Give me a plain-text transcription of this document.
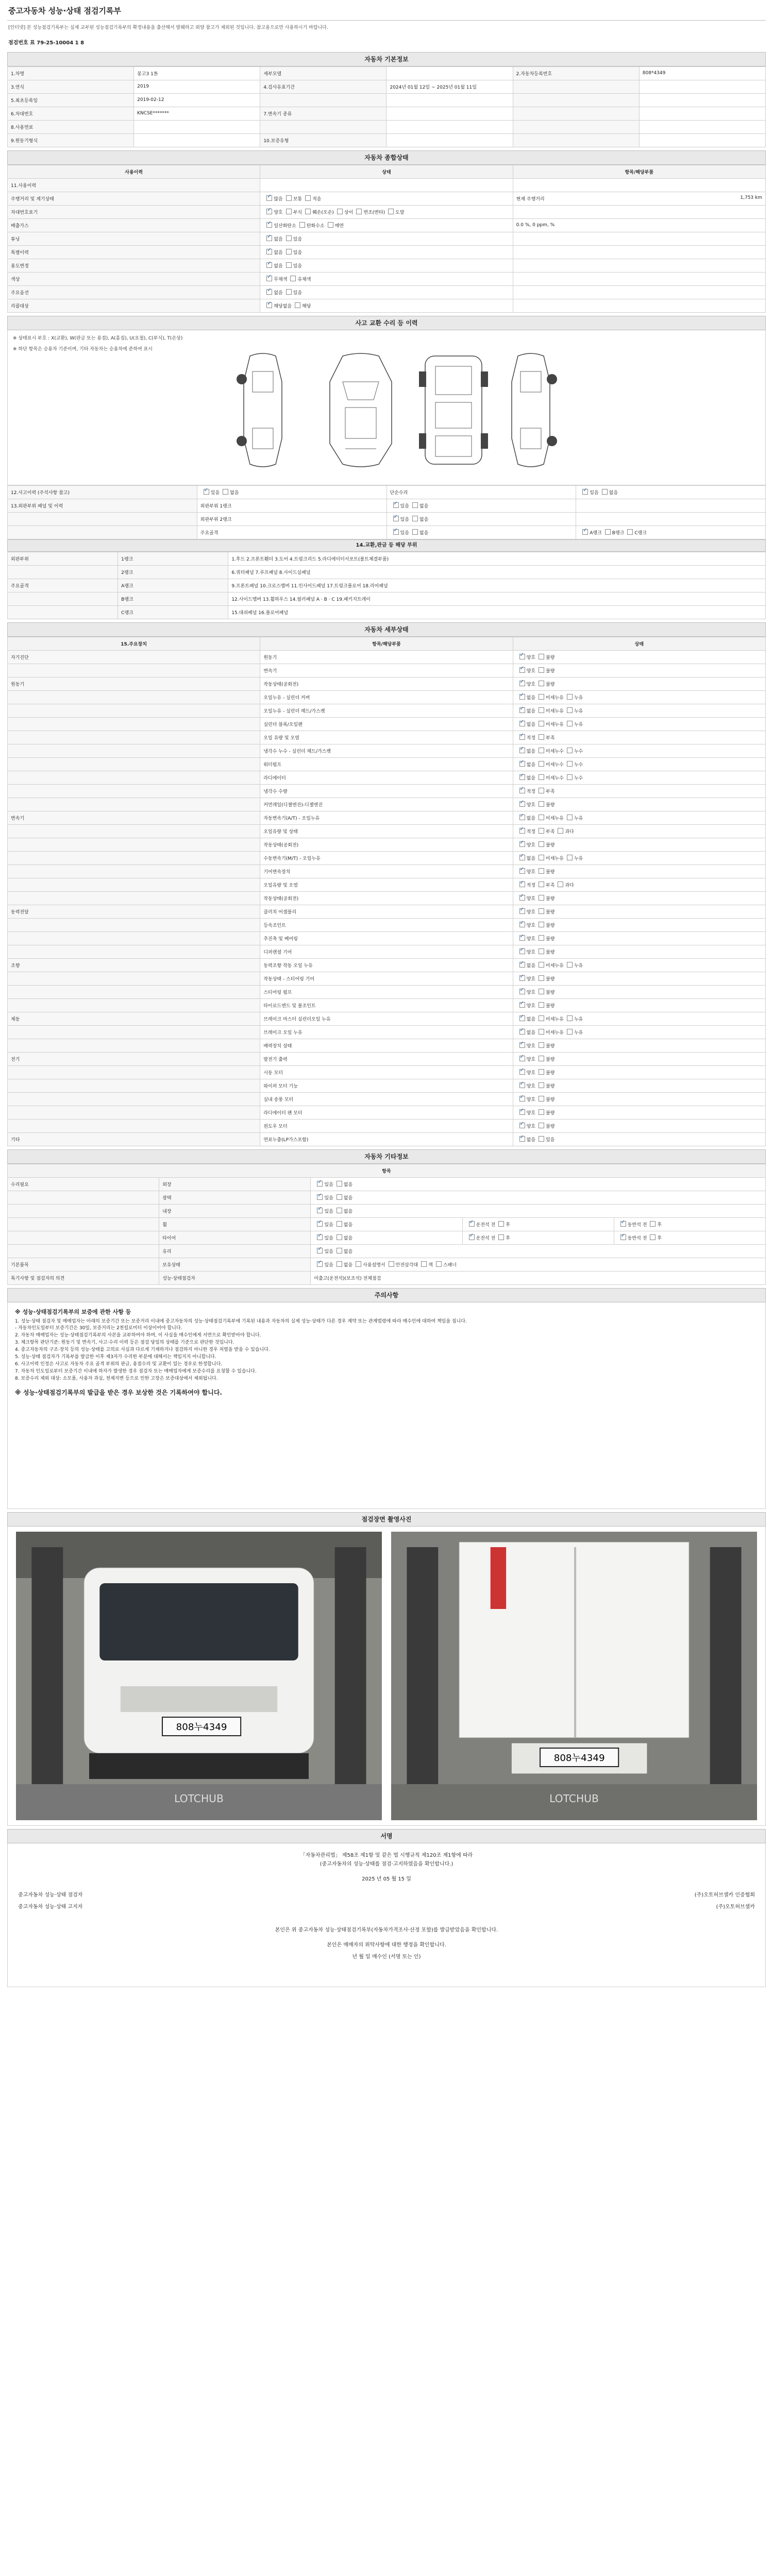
중고자동차 성능·상태 점검기록부
[인터넷] 본 성능점검기록부는 실제 교부된 성능점검기록부의 확정내용을 출산해서 발췌하고 외양 참고가 제외된 것입니다. 참고용으로만 사용하시기 바랍니다.
점검번호 표 79-25-10004 1 8
자동차 기본정보
1.차명	봉고3 1톤	세부모델		2.자동차등록번호	808*4349
3.연식	2019	4.검사유효기간	2024년 01월 12일 ~ 2025년 01월 11일		
5.최초등록일	2019-02-12				
6.차대번호	KNCSE*******	7.변속기 종류			
8.사용연료					
9.원동기형식		10.보증유형			
자동차 종합상태
사용이력	상태	항목/해당부품
11.사용이력		
주행거리 및 계기상태	✓많음 보통 적음	현재 주행거리 1,753 km

차대번호표기	✓양호 부식 훼손(오손) 상이 변조(변타) 도말	
배출가스	✓일산화탄소 탄화수소 매연	0.0 %, 0 ppm, %
튜닝	✓없음 있음	
특별이력	✓없음 있음	
용도변경	✓없음 있음	
색상	✓무채색 유채색	
주요옵션	✓없음 있음	
리콜대상	✓해당없음 해당	
사고 교환 수리 등 이력
※ 상태표시 부호 : X(교환), W(판금 또는 용접), A(흠집), U(요철), C(부식), T(손상)
※ 하단 항목은 승용차 기준이며, 기타 자동차는 승용차에 준하여 표시
12.사고이력 (주석사항 참고)	✓있음 없음	단순수리	✓있음 없음
13.외판부위 패널 및 이력	외판부위 1랭크	✓있음 없음	
	외판부위 2랭크	✓있음 없음	
	주요골격	✓있음 없음	✓A랭크 B랭크 C랭크
14.교환,판금 등 해당 부위
외판부위	1랭크	1.후드 2.프론트휀더 3.도어 4.트렁크리드 5.라디에이터서포트(볼트체결부품)
	2랭크	6.쿼터패널 7.루프패널 8.사이드실패널
주요골격	A랭크	9.프론트패널 10.크로스멤버 11.인사이드패널 17.트렁크플로어 18.리어패널
	B랭크	12.사이드멤버 13.휠하우스 14.필러패널 A · B · C 19.패키지트레이
	C랭크	15.대쉬패널 16.플로어패널
자동차 세부상태
15.주요장치	항목/해당부품	상태
자기진단	원동기	✓양호 불량
	변속기	✓양호 불량
원동기	작동상태(공회전)	✓양호 불량
	오일누유 - 실린더 커버	✓없음 미세누유 누유
	오일누유 - 실린더 헤드/가스켓	✓없음 미세누유 누유
	실린더 블록/오일팬	✓없음 미세누유 누유
	오일 유량 및 오염	✓적정 부족
	냉각수 누수 - 실린더 헤드/가스켓	✓없음 미세누수 누수
	워터펌프	✓없음 미세누수 누수
	라디에이터	✓없음 미세누수 누수
	냉각수 수량	✓적정 부족
	커먼레일(디젤엔진)-디젤엔진	✓양호 불량
변속기	자동변속기(A/T) - 오일누유	✓없음 미세누유 누유
	오일유량 및 상태	✓적정 부족 과다
	작동상태(공회전)	✓양호 불량
	수동변속기(M/T) - 오일누유	✓없음 미세누유 누유
	기어변속장치	✓양호 불량
	오일유량 및 오염	✓적정 부족 과다
	작동상태(공회전)	✓양호 불량
동력전달	클러치 어셈블리	✓양호 불량
	등속조인트	✓양호 불량
	추진축 및 베어링	✓양호 불량
	디퍼렌셜 기어	✓양호 불량
조향	동력조향 작동 오일 누유	✓없음 미세누유 누유
	작동상태 - 스티어링 기어	✓양호 불량
	스티어링 펌프	✓양호 불량
	타이로드엔드 및 볼조인트	✓양호 불량
제동	브레이크 마스터 실린더오일 누유	✓없음 미세누유 누유
	브레이크 오일 누유	✓없음 미세누유 누유
	배력장치 상태	✓양호 불량
전기	발전기 출력	✓양호 불량
	시동 모터	✓양호 불량
	와이퍼 모터 기능	✓양호 불량
	실내 송풍 모터	✓양호 불량
	라디에이터 팬 모터	✓양호 불량
	윈도우 모터	✓양호 불량
기타	연료누출(LP가스포함)	✓없음 있음
자동차 기타정보
항목				
수리필요	외장	✓있음 없음
	광택	✓있음 없음
	내장	✓있음 없음
	휠	✓있음 없음	✓운전석 전 후	✓동반석 전 후
	타이어	✓있음 없음	✓운전석 전 후	✓동반석 전 후
	유리	✓있음 없음
기본품목	보유상태	✓있음 없음 사용설명서 안전삼각대 잭 스패너
특기사항 및 점검자의 의견	성능·상태점검자	미출고(운전석)(보조석) 전체점검		
주의사항
※ 성능·상태점검기록부의 보증에 관한 사항 등
1. 성능·상태 점검자 및 매매업자는 아래의 보증기간 또는 보증거리 이내에 중고자동차의 성능·상태점검기록부에 기록된 내용과 자동차의 실제 성능·상태가 다른 경우 계약 또는 관계법령에 따라 매수인에 대하여 책임을 집니다.
- 자동차인도일부터 보증기간은 30일, 보증거리는 2천킬로미터 이상이어야 합니다.
2. 자동차 매매업자는 성능·상태점검기록부의 사본을 교부하여야 하며, 이 사실을 매수인에게 서면으로 확인받아야 합니다.
3. 체크항목 판단기준: 원동기 및 변속기, 사고·수리 이력 등은 점검 당일의 상태를 기준으로 판단한 것입니다.
4. 중고자동차의 구조·장치 등의 성능·상태를 고의로 사실과 다르게 기재하거나 점검하지 아니한 경우 처벌을 받을 수 있습니다.
5. 성능·상태 점검자가 기록부를 발급한 이후 제3자가 수리한 부분에 대해서는 책임지지 아니합니다.
6. 사고이력 인정은 사고로 자동차 주요 골격 부위의 판금, 용접수리 및 교환이 있는 경우로 한정합니다.
7. 자동차 인도일로부터 보증기간 이내에 하자가 발생한 경우 점검자 또는 매매업자에게 보증수리를 요청할 수 있습니다.
8. 보증수리 제외 대상: 소모품, 사용자 과실, 천재지변 등으로 인한 고장은 보증대상에서 제외됩니다.
※ 성능·상태점검기록부의 발급을 받은 경우 보상한 것은 기록하여야 합니다.
점검장면 촬영사진
808누4349
LOTCHUB
808누4349
LOTCHUB
서명
「자동차관리법」 제58조 제1항 및 같은 법 시행규칙 제120조 제1항에 따라
(중고자동차의 성능·상태를 점검·고지하였음을 확인합니다.)
2025 년 05 월 15 일
중고자동차 성능·상태 점검자	(주)오토허브셀카 인증협회
중고자동차 성능·상태 고지자	(주)오토허브셀카
본인은 위 중고자동차 성능·상태점검기록부(자동차가격조사·산정 포함)를 발급받았음을 확인합니다.
본인은 매매자의 위탁사항에 대한 행정을 확인합니다.
년 월 일 매수인 (서명 또는 인)
